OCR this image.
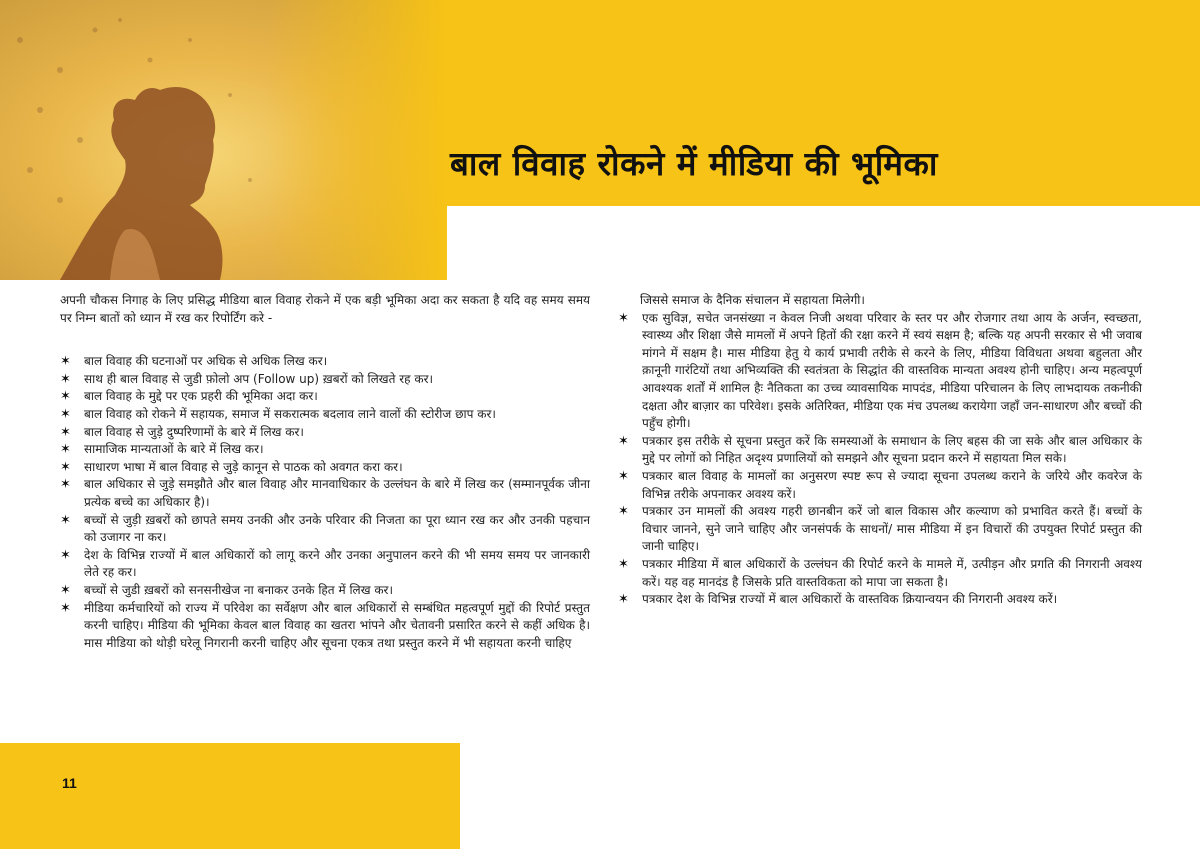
बाल विवाह रोकने में मीडिया की भूमिका

अपनी चौकस निगाह के लिए प्रसिद्ध मीडिया बाल विवाह रोकने में एक बड़ी भूमिका अदा कर सकता है यदि वह समय समय पर निम्न बातों को ध्यान में रख कर रिपोर्टिंग करे -

✶ बाल विवाह की घटनाओं पर अधिक से अधिक लिख कर।
✶ साथ ही बाल विवाह से जुडी फ़ोलो अप (Follow up) ख़बरों को लिखते रह कर।
✶ बाल विवाह के मुद्दे पर एक प्रहरी की भूमिका अदा कर।
✶ बाल विवाह को रोकने में सहायक, समाज में सकरात्मक बदलाव लाने वालों की स्टोरीज छाप कर।
✶ बाल विवाह से जुड़े दुष्परिणामों के बारे में लिख कर।
✶ सामाजिक मान्यताओं के बारे में लिख कर।
✶ साधारण भाषा में बाल विवाह से जुड़े कानून से पाठक को अवगत करा कर।
✶ बाल अधिकार से जुड़े समझौते और बाल विवाह और मानवाधिकार के उल्लंघन के बारे में लिख कर (सम्मानपूर्वक जीना प्रत्येक बच्चे का अधिकार है)।
✶ बच्चों से जुड़ी ख़बरों को छापते समय उनकी और उनके परिवार की निजता का पूरा ध्यान रख कर और उनकी पहचान को उजागर ना कर।
✶ देश के विभिन्न राज्यों में बाल अधिकारों को लागू करने और उनका अनुपालन करने की भी समय समय पर जानकारी लेते रह कर।
✶ बच्चों से जुडी ख़बरों को सनसनीखेज ना बनाकर उनके हित में लिख कर।
✶ मीडिया कर्मचारियों को राज्य में परिवेश का सर्वेक्षण और बाल अधिकारों से सम्बंधित महत्वपूर्ण मुद्दों की रिपोर्ट प्रस्तुत करनी चाहिए। मीडिया की भूमिका केवल बाल विवाह का खतरा भांपने और चेतावनी प्रसारित करने से कहीं अधिक है। मास मीडिया को थोड़ी घरेलू निगरानी करनी चाहिए और सूचना एकत्र तथा प्रस्तुत करने में भी सहायता करनी चाहिए

जिससे समाज के दैनिक संचालन में सहायता मिलेगी।

✶ एक सुविज्ञ, सचेत जनसंख्या न केवल निजी अथवा परिवार के स्तर पर और रोजगार तथा आय के अर्जन, स्वच्छता, स्वास्थ्य और शिक्षा जैसे मामलों में अपने हितों की रक्षा करने में स्वयं सक्षम है; बल्कि यह अपनी सरकार से भी जवाब मांगने में सक्षम है। मास मीडिया हेतु ये कार्य प्रभावी तरीके से करने के लिए, मीडिया विविधता अथवा बहुलता और क़ानूनी गारंटियों तथा अभिव्यक्ति की स्वतंत्रता के सिद्धांत की वास्तविक मान्यता अवश्य होनी चाहिए। अन्य महत्वपूर्ण आवश्यक शर्तों में शामिल हैः नैतिकता का उच्च व्यावसायिक मापदंड, मीडिया परिचालन के लिए लाभदायक तकनीकी दक्षता और बाज़ार का परिवेश। इसके अतिरिक्त, मीडिया एक मंच उपलब्ध करायेगा जहाँ जन-साधारण और बच्चों की पहुँच होगी।
✶ पत्रकार इस तरीके से सूचना प्रस्तुत करें कि समस्याओं के समाधान के लिए बहस की जा सके और बाल अधिकार के मुद्दे पर लोगों को निहित अदृश्य प्रणालियों को समझने और सूचना प्रदान करने में सहायता मिल सके।
✶ पत्रकार बाल विवाह के मामलों का अनुसरण स्पष्ट रूप से ज्यादा सूचना उपलब्ध कराने के जरिये और कवरेज के विभिन्न तरीके अपनाकर अवश्य करें।
✶ पत्रकार उन मामलों की अवश्य गहरी छानबीन करें जो बाल विकास और कल्याण को प्रभावित करते हैं। बच्चों के विचार जानने, सुने जाने चाहिए और जनसंपर्क के साधनों/ मास मीडिया में इन विचारों की उपयुक्त रिपोर्ट प्रस्तुत की जानी चाहिए।
✶ पत्रकार मीडिया में बाल अधिकारों के उल्लंघन की रिपोर्ट करने के मामले में, उत्पीड़न और प्रगति की निगरानी अवश्य करें। यह वह मानदंड है जिसके प्रति वास्तविकता को मापा जा सकता है।
✶ पत्रकार देश के विभिन्न राज्यों में बाल अधिकारों के वास्तविक क्रियान्वयन की निगरानी अवश्य करें।
11
